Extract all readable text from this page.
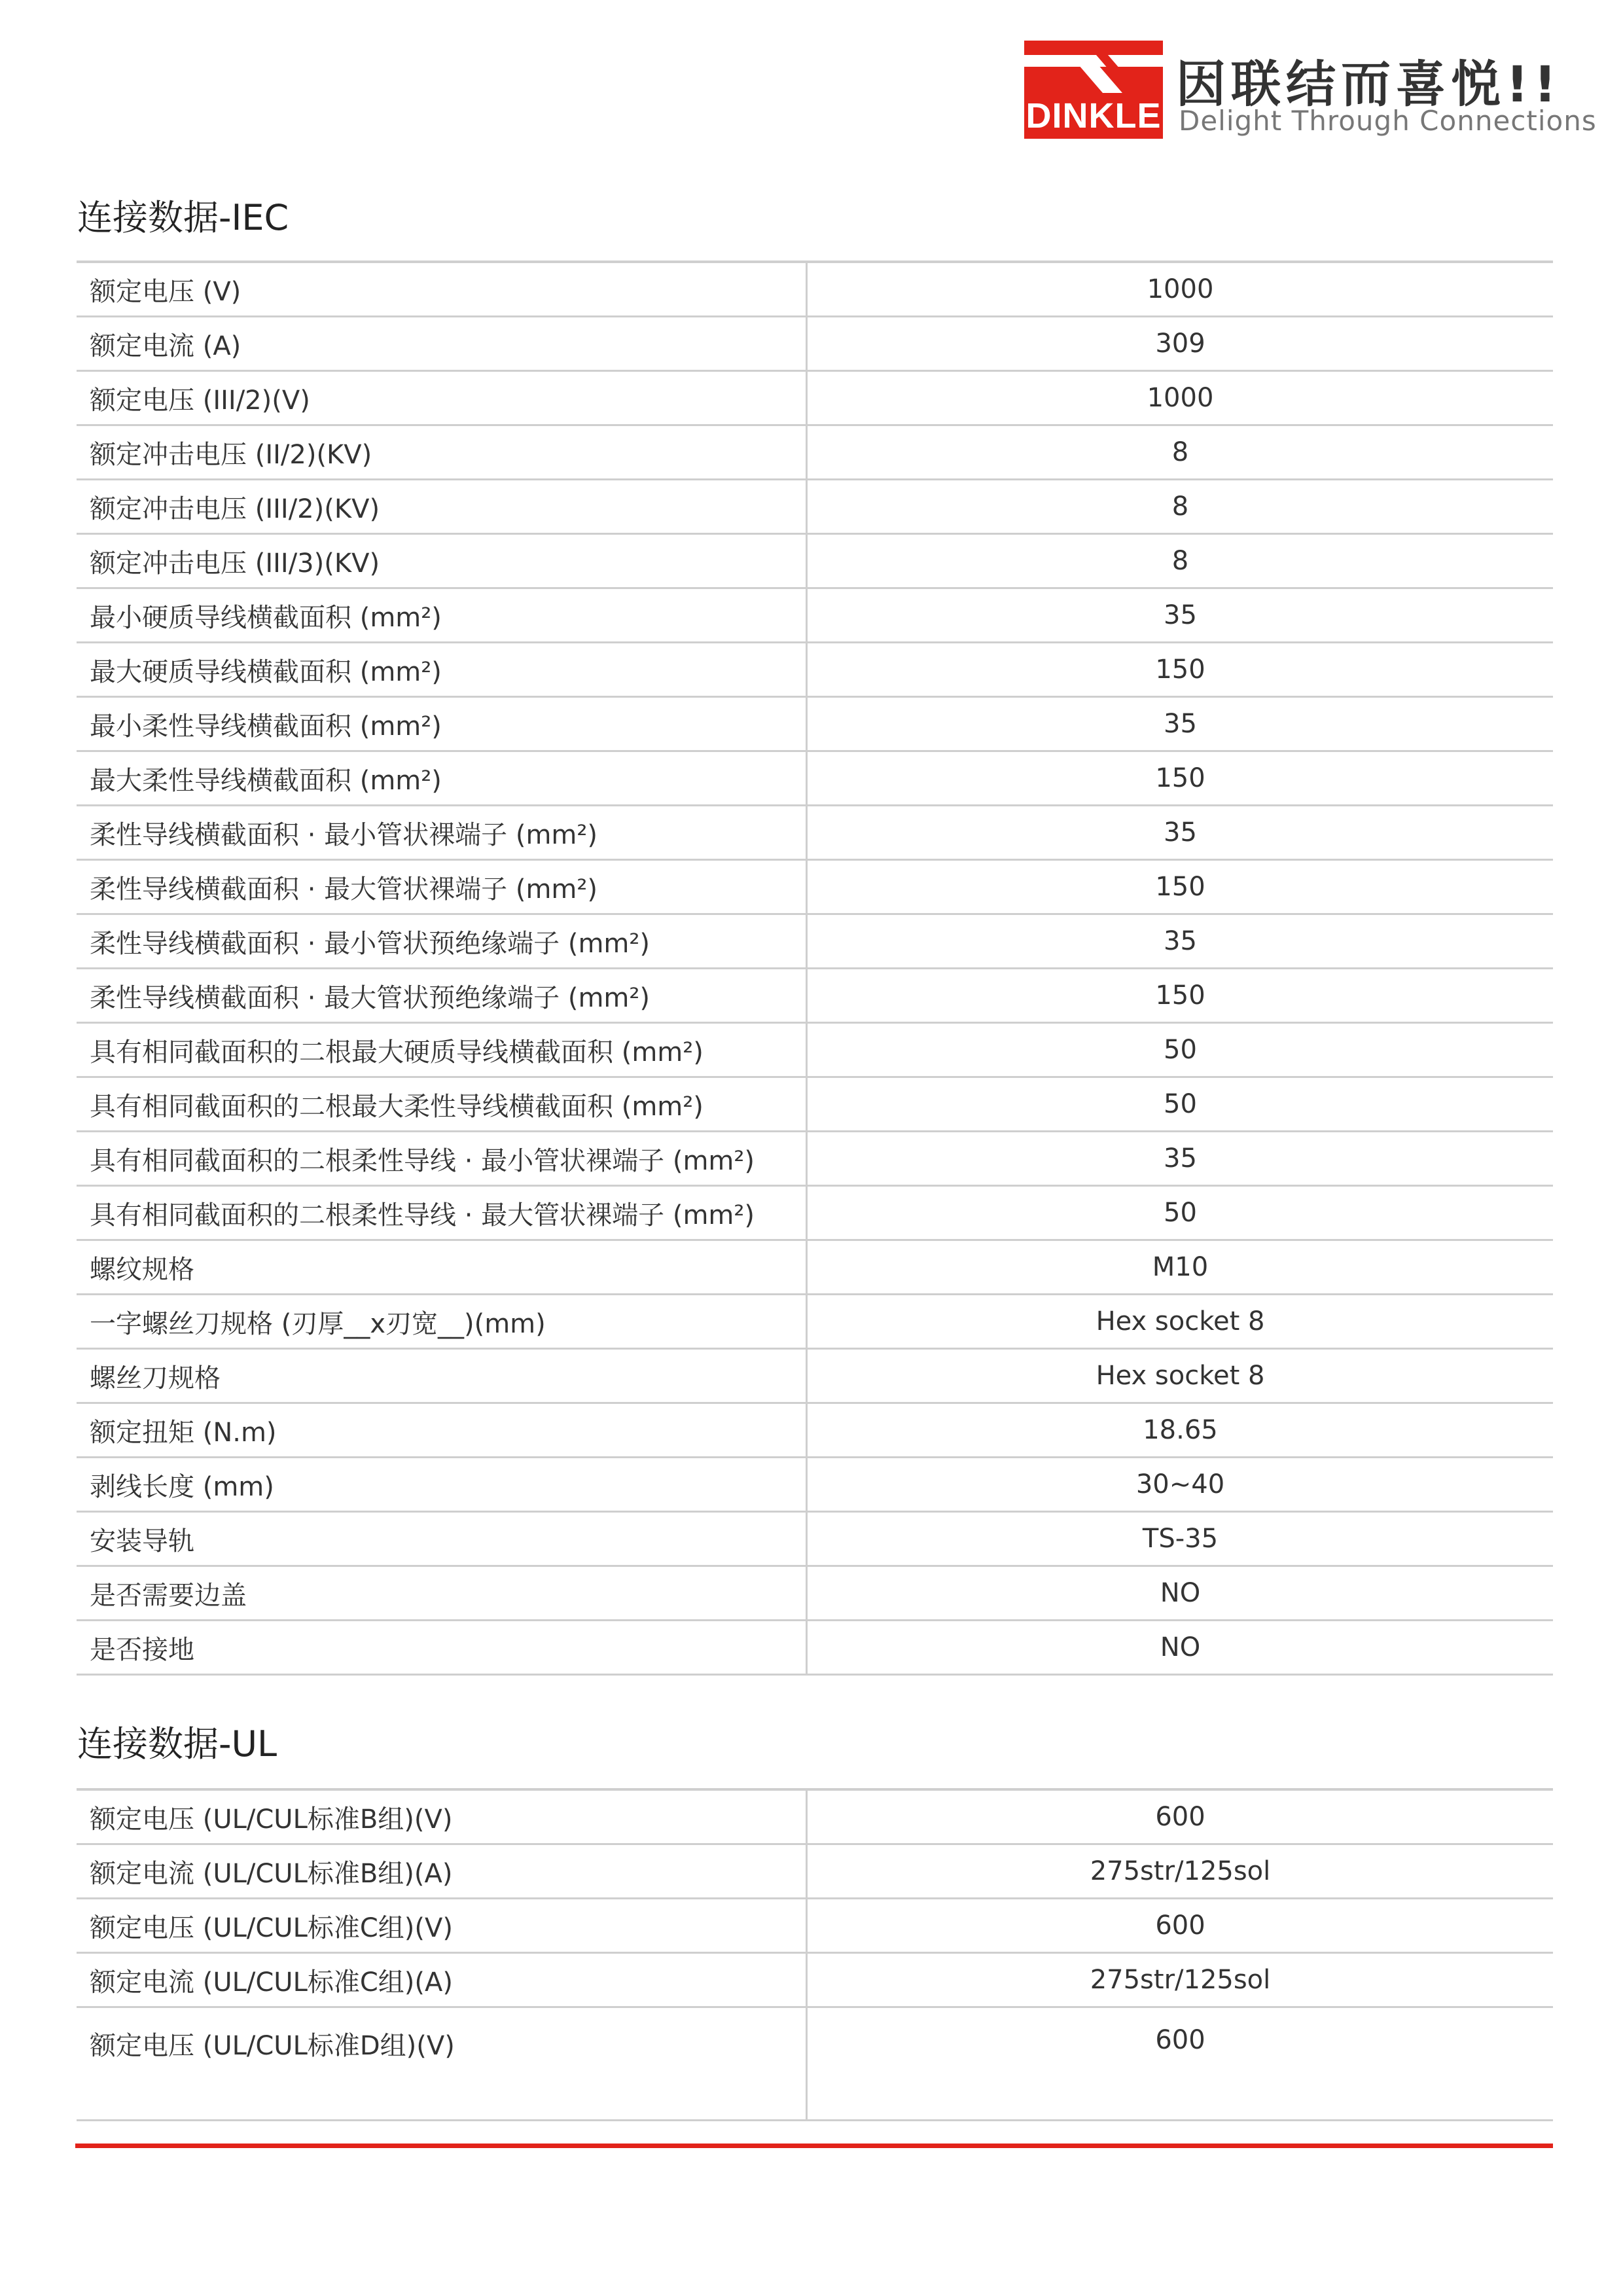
DINKLE
因联结而喜悦!!
Delight Through Connections
连接数据-IEC
额定电压 (V)	1000
额定电流 (A)	309
额定电压 (III/2)(V)	1000
额定冲击电压 (II/2)(KV)	8
额定冲击电压 (III/2)(KV)	8
额定冲击电压 (III/3)(KV)	8
最小硬质导线横截面积 (mm²)	35
最大硬质导线横截面积 (mm²)	150
最小柔性导线横截面积 (mm²)	35
最大柔性导线横截面积 (mm²)	150
柔性导线横截面积 · 最小管状裸端子 (mm²)	35
柔性导线横截面积 · 最大管状裸端子 (mm²)	150
柔性导线横截面积 · 最小管状预绝缘端子 (mm²)	35
柔性导线横截面积 · 最大管状预绝缘端子 (mm²)	150
具有相同截面积的二根最大硬质导线横截面积 (mm²)	50
具有相同截面积的二根最大柔性导线横截面积 (mm²)	50
具有相同截面积的二根柔性导线 · 最小管状裸端子 (mm²)	35
具有相同截面积的二根柔性导线 · 最大管状裸端子 (mm²)	50
螺纹规格	M10
一字螺丝刀规格 (刃厚__x刃宽__)(mm)	Hex socket 8
螺丝刀规格	Hex socket 8
额定扭矩 (N.m)	18.65
剥线长度 (mm)	30~40
安装导轨	TS-35
是否需要边盖	NO
是否接地	NO
连接数据-UL
额定电压 (UL/CUL标准B组)(V)	600
额定电流 (UL/CUL标准B组)(A)	275str/125sol
额定电压 (UL/CUL标准C组)(V)	600
额定电流 (UL/CUL标准C组)(A)	275str/125sol
额定电压 (UL/CUL标准D组)(V)	600
